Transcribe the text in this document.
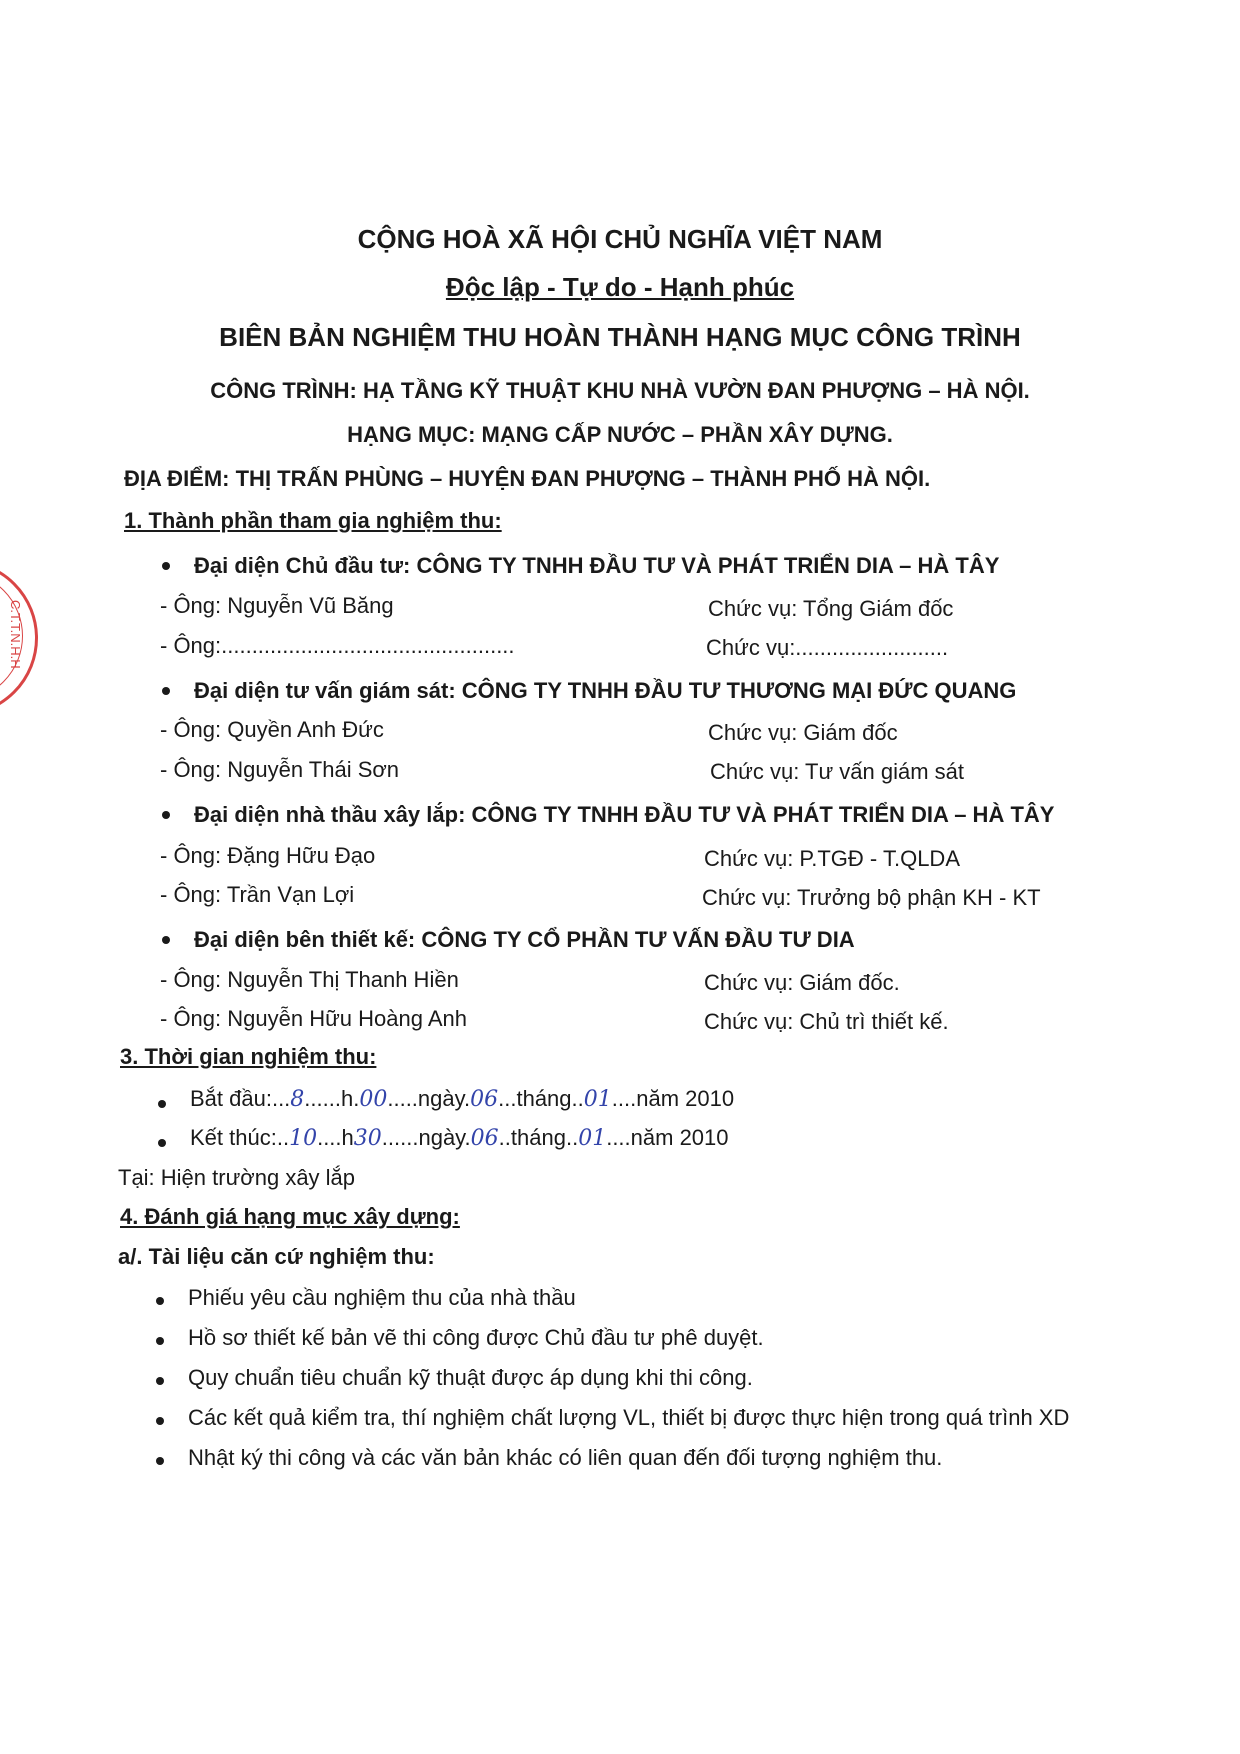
C.T.T.N.H.H
CỘNG HOÀ XÃ HỘI CHỦ NGHĨA VIỆT NAM
Độc lập - Tự do - Hạnh phúc
BIÊN BẢN NGHIỆM THU HOÀN THÀNH HẠNG MỤC CÔNG TRÌNH
CÔNG TRÌNH: HẠ TẦNG KỸ THUẬT KHU NHÀ VƯỜN ĐAN PHƯỢNG – HÀ NỘI.
HẠNG MỤC: MẠNG CẤP NƯỚC – PHẦN XÂY DỰNG.
ĐỊA ĐIỂM: THỊ TRẤN PHÙNG – HUYỆN ĐAN PHƯỢNG – THÀNH PHỐ HÀ NỘI.
1. Thành phần tham gia nghiệm thu:
Đại diện Chủ đầu tư: CÔNG TY TNHH ĐẦU TƯ VÀ PHÁT TRIỂN DIA – HÀ TÂY
- Ông: Nguyễn Vũ Băng	Chức vụ: Tổng Giám đốc
- Ông:................................................	Chức vụ:.........................
Đại diện tư vấn giám sát: CÔNG TY TNHH ĐẦU TƯ THƯƠNG MẠI ĐỨC QUANG
- Ông: Quyền Anh Đức	Chức vụ: Giám đốc
- Ông: Nguyễn Thái Sơn	Chức vụ: Tư vấn giám sát
Đại diện nhà thầu xây lắp: CÔNG TY TNHH ĐẦU TƯ VÀ PHÁT TRIỂN DIA – HÀ TÂY
- Ông: Đặng Hữu Đạo	Chức vụ: P.TGĐ - T.QLDA
- Ông: Trần Vạn Lợi	Chức vụ: Trưởng bộ phận KH - KT
Đại diện bên thiết kế: CÔNG TY CỔ PHẦN TƯ VẤN ĐẦU TƯ DIA
- Ông: Nguyễn Thị Thanh Hiền	Chức vụ: Giám đốc.
- Ông: Nguyễn Hữu Hoàng Anh	Chức vụ: Chủ trì thiết kế.
3. Thời gian nghiệm thu:
Bắt đầu:...8......h.00.....ngày.06...tháng..01....năm 2010
Kết thúc:..10....h30......ngày.06..tháng..01....năm 2010
Tại: Hiện trường xây lắp
4. Đánh giá hạng mục xây dựng:
a/. Tài liệu căn cứ nghiệm thu:
Phiếu yêu cầu nghiệm thu của nhà thầu
Hồ sơ thiết kế bản vẽ thi công được Chủ đầu tư phê duyệt.
Quy chuẩn tiêu chuẩn kỹ thuật được áp dụng khi thi công.
Các kết quả kiểm tra, thí nghiệm chất lượng VL, thiết bị được thực hiện trong quá trình XD
Nhật ký thi công và các văn bản khác có liên quan đến đối tượng nghiệm thu.
